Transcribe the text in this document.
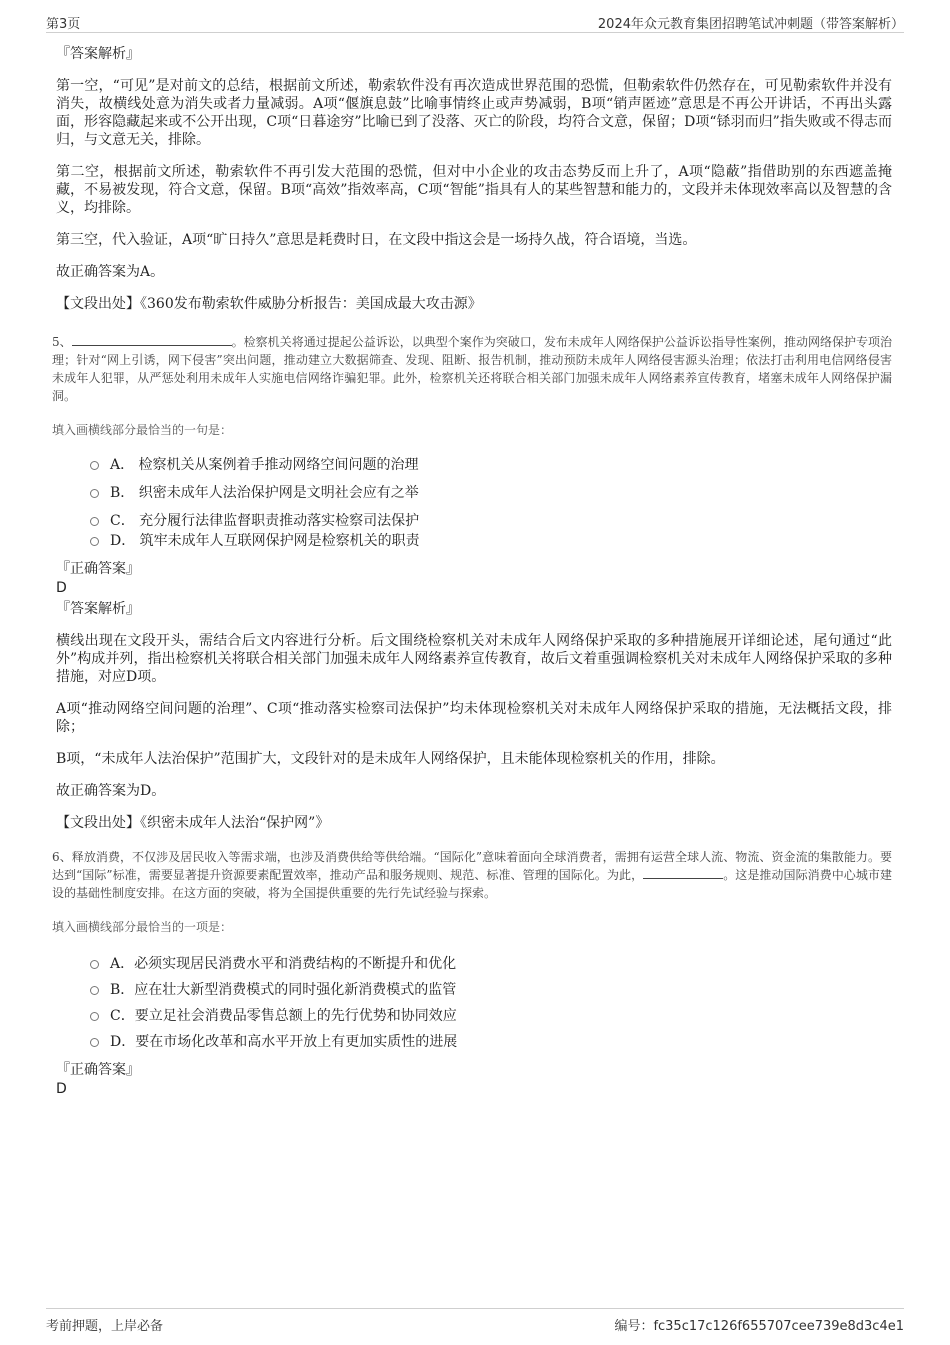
第3页	2024年众元教育集团招聘笔试冲刺题（带答案解析）

『答案解析』

第一空，“可见”是对前文的总结，根据前文所述，勒索软件没有再次造成世界范围的恐慌，但勒索软件仍然存在，可见勒索软件并没有消失，故横线处意为消失或者力量减弱。A项“偃旗息鼓”比喻事情终止或声势减弱，B项“销声匿迹”意思是不再公开讲话，不再出头露面，形容隐藏起来或不公开出现，C项“日暮途穷”比喻已到了没落、灭亡的阶段，均符合文意，保留；D项“铩羽而归”指失败或不得志而归，与文意无关，排除。

第二空，根据前文所述，勒索软件不再引发大范围的恐慌，但对中小企业的攻击态势反而上升了，A项“隐蔽”指借助别的东西遮盖掩藏，不易被发现，符合文意，保留。B项“高效”指效率高，C项“智能”指具有人的某些智慧和能力的，文段并未体现效率高以及智慧的含义，均排除。

第三空，代入验证，A项“旷日持久”意思是耗费时日，在文段中指这会是一场持久战，符合语境，当选。

故正确答案为A。

【文段出处】《360发布勒索软件威胁分析报告：美国成最大攻击源》

5、	。检察机关将通过提起公益诉讼，以典型个案作为突破口，发布未成年人网络保护公益诉讼指导性案例，推动网络保护专项治理；针对“网上引诱，网下侵害”突出问题，推动建立大数据筛查、发现、阻断、报告机制，推动预防未成年人网络侵害源头治理；依法打击利用电信网络侵害未成年人犯罪，从严惩处利用未成年人实施电信网络诈骗犯罪。此外，检察机关还将联合相关部门加强未成年人网络素养宣传教育，堵塞未成年人网络保护漏洞。

填入画横线部分最恰当的一句是：

A． 检察机关从案例着手推动网络空间问题的治理
B． 织密未成年人法治保护网是文明社会应有之举
C． 充分履行法律监督职责推动落实检察司法保护
D． 筑牢未成年人互联网保护网是检察机关的职责

『正确答案』

D

『答案解析』

横线出现在文段开头，需结合后文内容进行分析。后文围绕检察机关对未成年人网络保护采取的多种措施展开详细论述，尾句通过“此外”构成并列，指出检察机关将联合相关部门加强未成年人网络素养宣传教育，故后文着重强调检察机关对未成年人网络保护采取的多种措施，对应D项。

A项“推动网络空间问题的治理”、C项“推动落实检察司法保护”均未体现检察机关对未成年人网络保护采取的措施，无法概括文段，排除；

B项，“未成年人法治保护”范围扩大，文段针对的是未成年人网络保护，且未能体现检察机关的作用，排除。

故正确答案为D。

【文段出处】《织密未成年人法治“保护网”》

6、释放消费，不仅涉及居民收入等需求端，也涉及消费供给等供给端。“国际化”意味着面向全球消费者，需拥有运营全球人流、物流、资金流的集散能力。要达到“国际”标准，需要显著提升资源要素配置效率，推动产品和服务规则、规范、标准、管理的国际化。为此，	。这是推动国际消费中心城市建设的基础性制度安排。在这方面的突破，将为全国提供重要的先行先试经验与探索。

填入画横线部分最恰当的一项是：

A．必须实现居民消费水平和消费结构的不断提升和优化
B．应在壮大新型消费模式的同时强化新消费模式的监管
C．要立足社会消费品零售总额上的先行优势和协同效应
D．要在市场化改革和高水平开放上有更加实质性的进展

『正确答案』

D

考前押题，上岸必备	编号：fc35c17c126f655707cee739e8d3c4e1
